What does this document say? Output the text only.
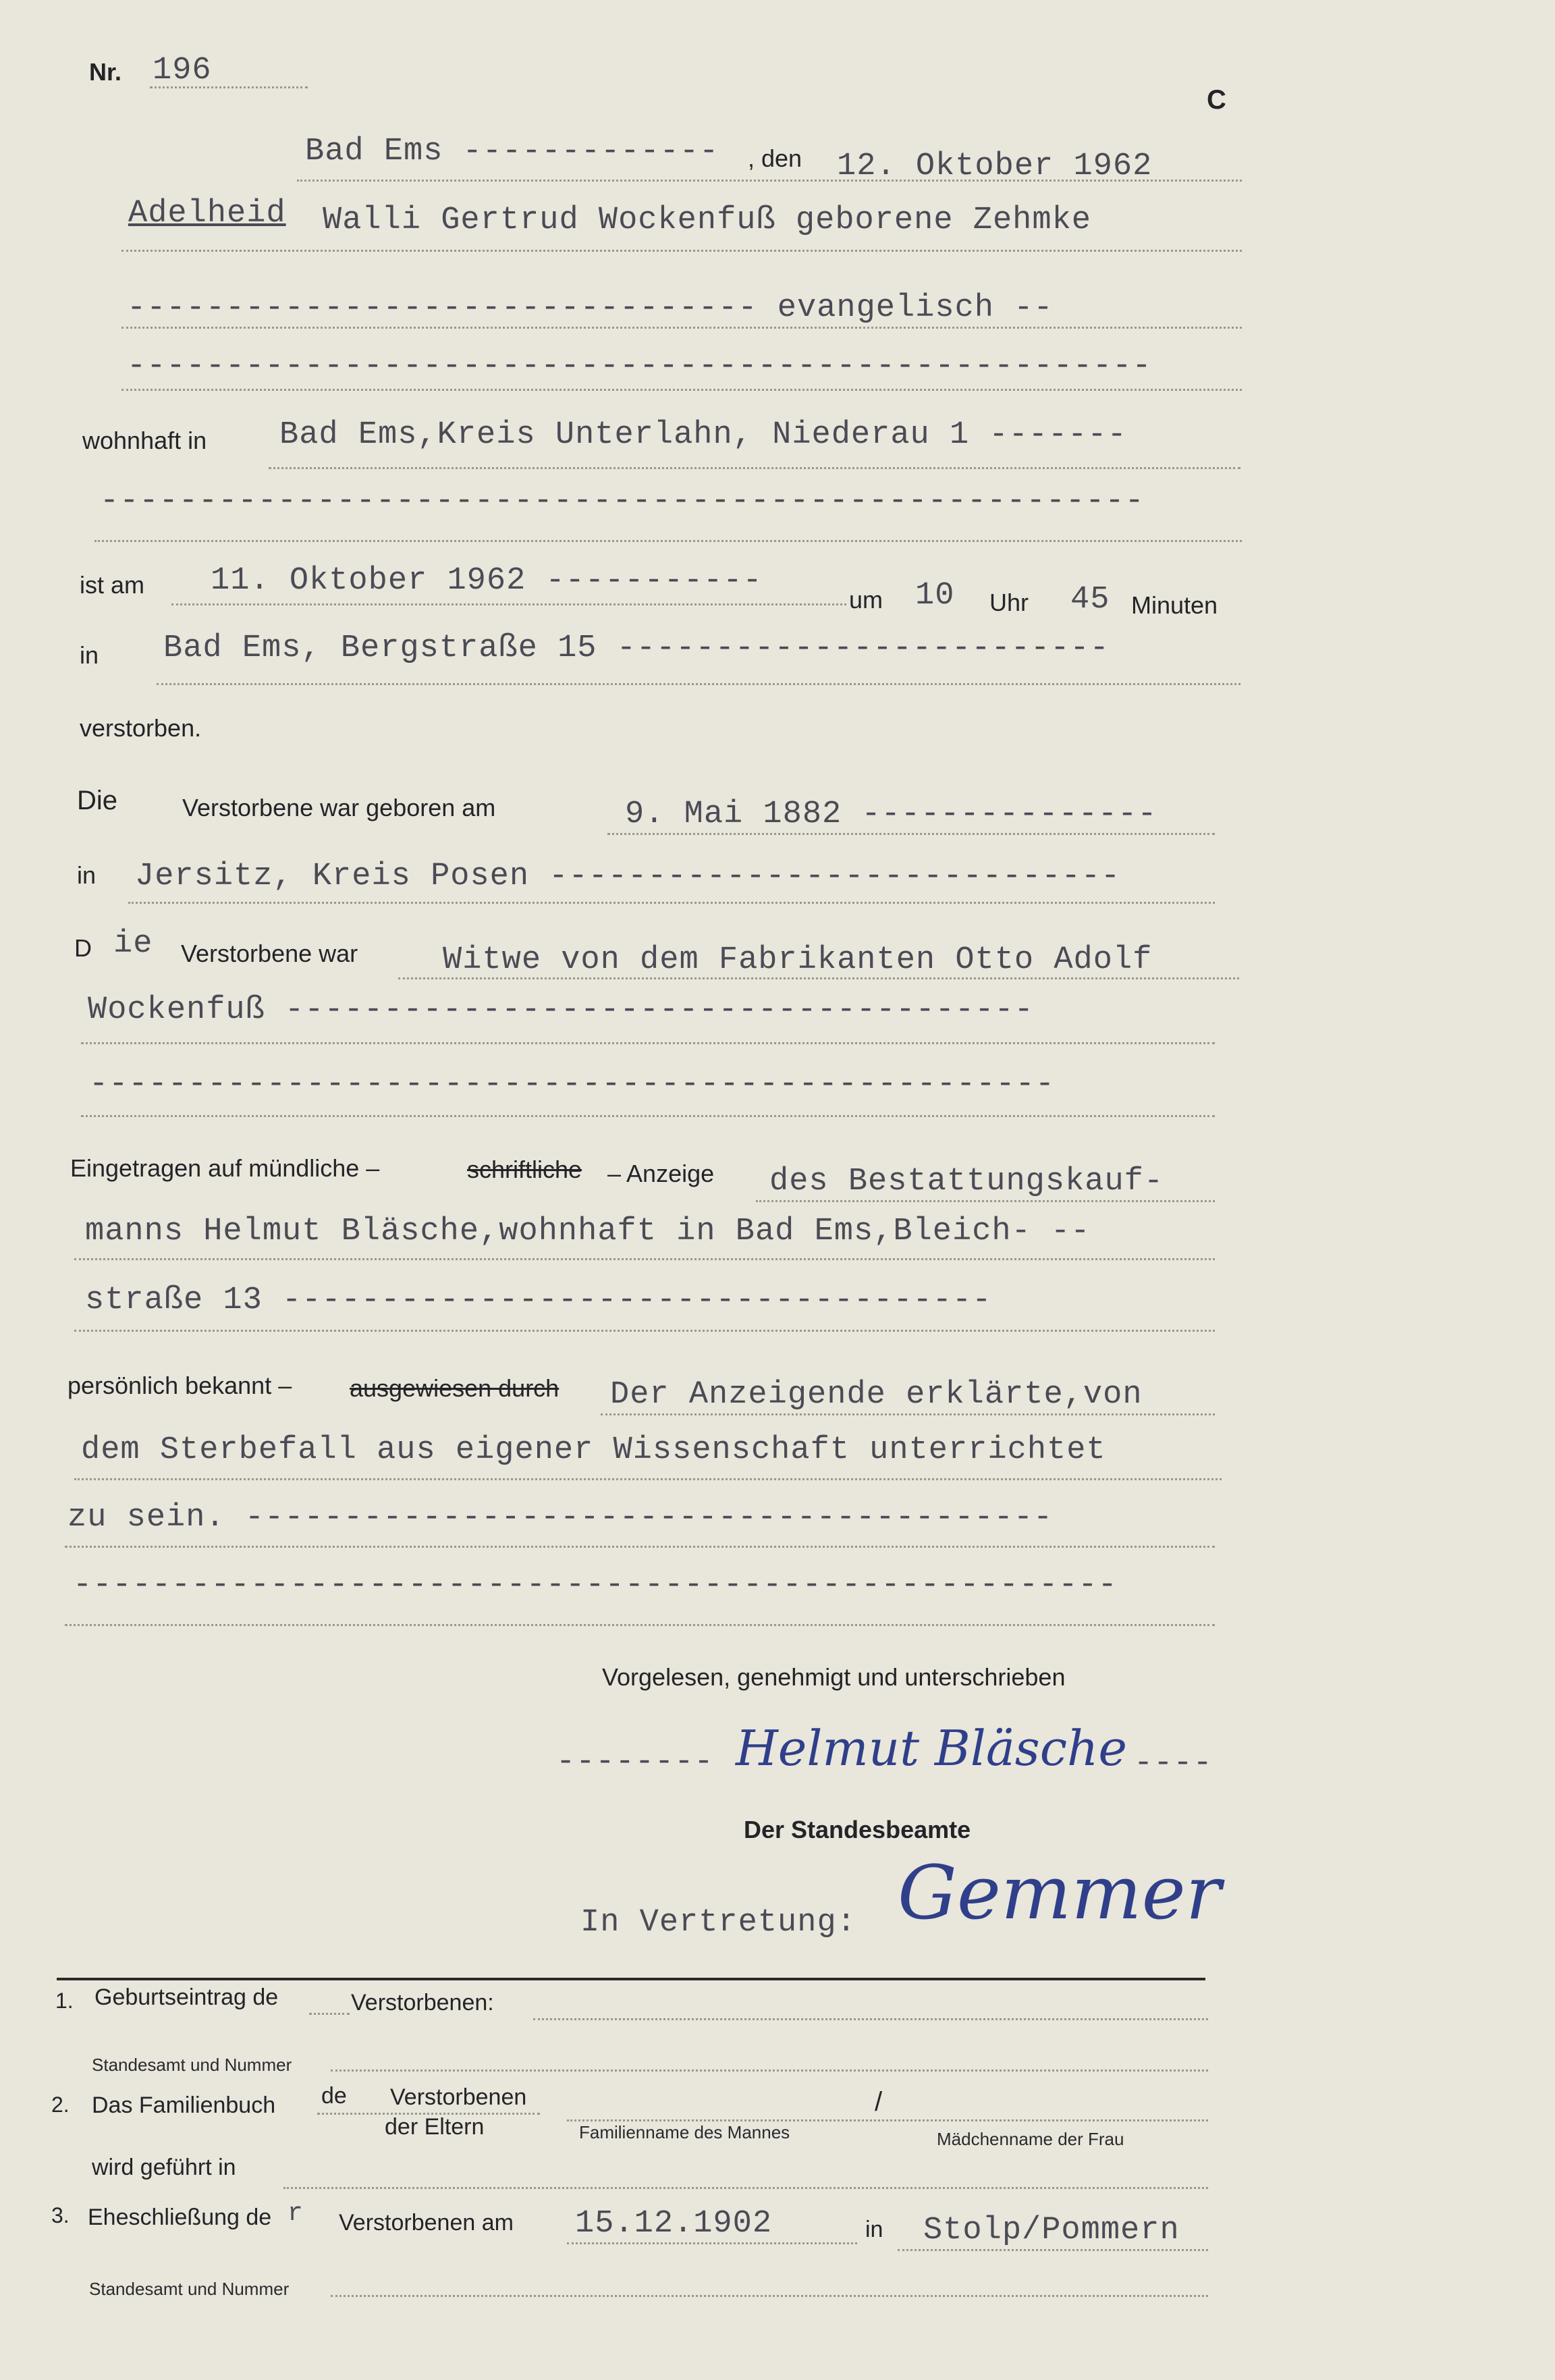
Nr. 196
C
Bad Ems ------------- , den 12. Oktober 1962
Adelheid Walli Gertrud Wockenfuß geborene Zehmke
-------------------------------- evangelisch --
----------------------------------------------------
wohnhaft in Bad Ems,Kreis Unterlahn, Niederau 1 -------
-----------------------------------------------------
ist am 11. Oktober 1962 -----------
um 10 Uhr 45 Minuten
in Bad Ems, Bergstraße 15 -------------------------
verstorben.
Die	Verstorbene war geboren am	9. Mai 1882 ---------------
in Jersitz, Kreis Posen -----------------------------
D ie Verstorbene war	Witwe von dem Fabrikanten Otto Adolf
Wockenfuß --------------------------------------
-------------------------------------------------
Eingetragen auf mündliche –	schriftliche – Anzeige des Bestattungskauf-
manns Helmut Bläsche,wohnhaft in Bad Ems,Bleich- --
straße 13 ------------------------------------
persönlich bekannt – ausgewiesen durch Der Anzeigende erklärte,von
dem Sterbefall aus eigener Wissenschaft unterrichtet
zu sein. -----------------------------------------
-----------------------------------------------------
Vorgelesen, genehmigt und unterschrieben
-------- Helmut Bläsche ----
Der Standesbeamte
In Vertretung: Gemmer
1. Geburtseintrag de	Verstorbenen:
Standesamt und Nummer
2. Das Familienbuch de Verstorbenen
der Eltern	Familienname des Mannes
/
Mädchenname der Frau
wird geführt in
3. Eheschließung de r Verstorbenen am 15.12.1902	in Stolp/Pommern
Standesamt und Nummer
